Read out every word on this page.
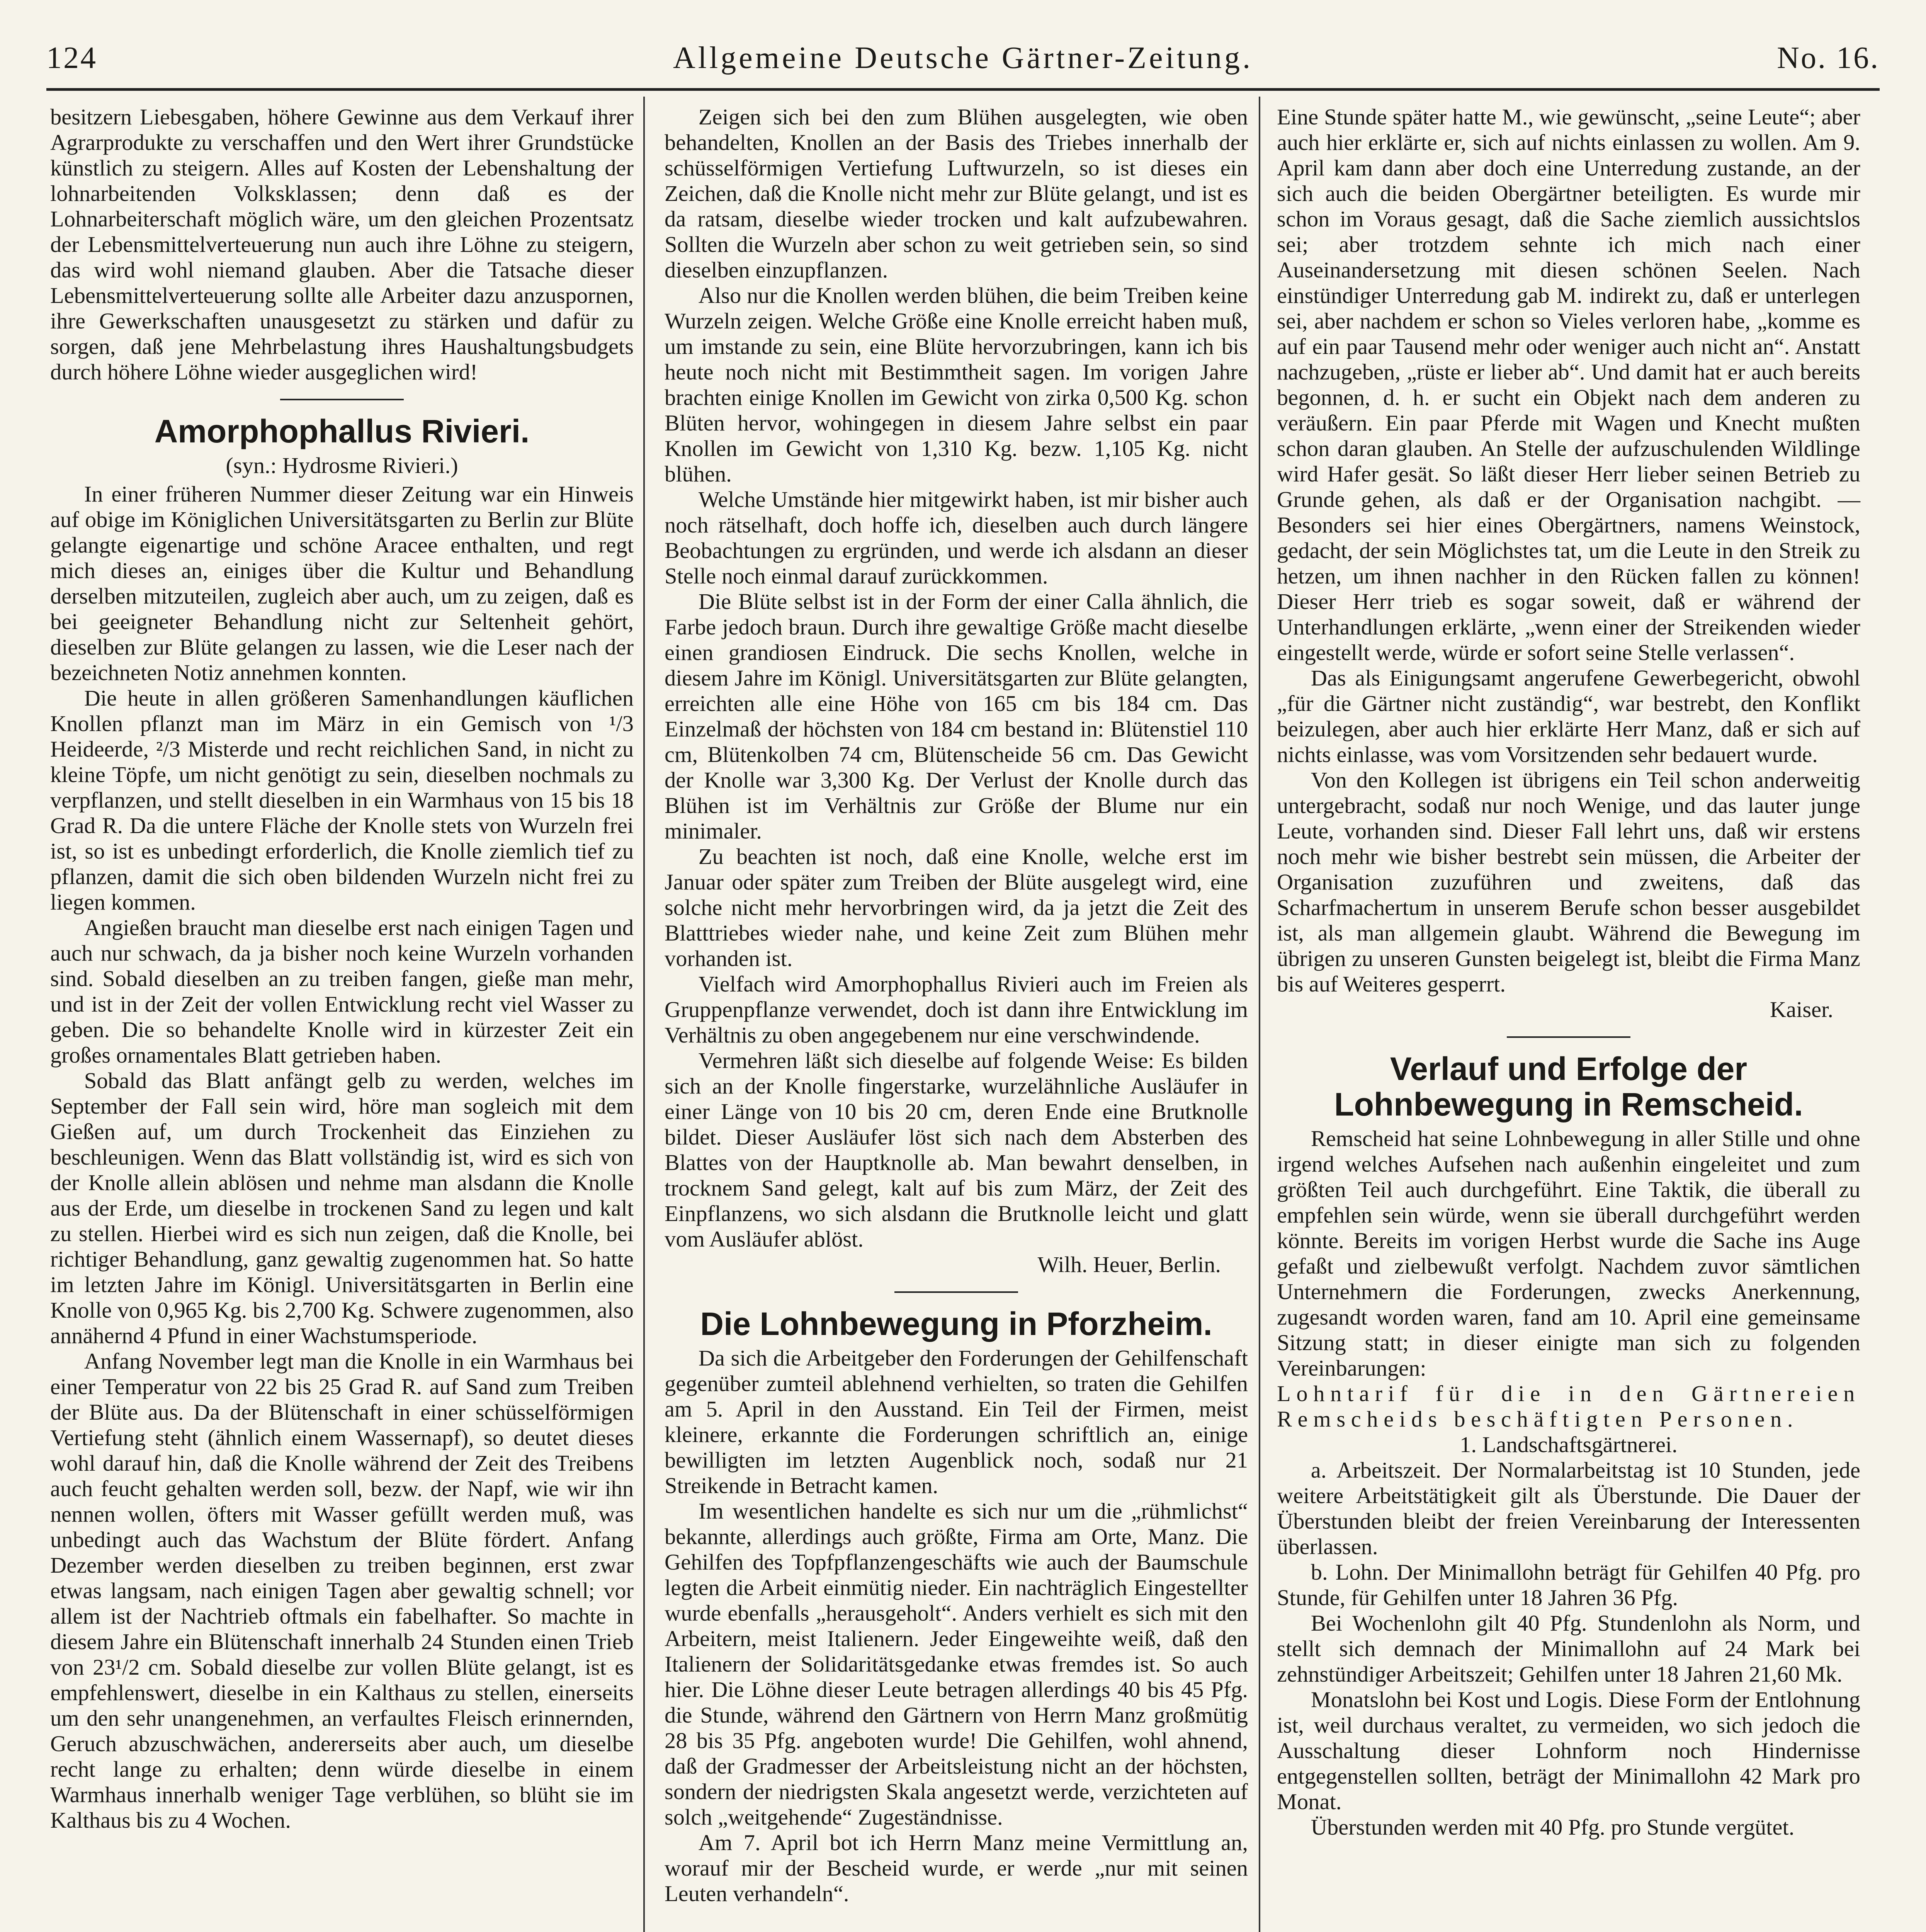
124	Allgemeine Deutsche Gärtner-Zeitung.	No. 16.

besitzern Liebesgaben, höhere Gewinne aus dem Verkauf ihrer Agrarprodukte zu verschaffen und den Wert ihrer Grundstücke künstlich zu steigern. Alles auf Kosten der Lebenshaltung der lohnarbeitenden Volksklassen; denn daß es der Lohnarbeiterschaft möglich wäre, um den gleichen Prozentsatz der Lebensmittelverteuerung nun auch ihre Löhne zu steigern, das wird wohl niemand glauben. Aber die Tatsache dieser Lebensmittelverteuerung sollte alle Arbeiter dazu anzuspornen, ihre Gewerkschaften unausgesetzt zu stärken und dafür zu sorgen, daß jene Mehrbelastung ihres Haushaltungsbudgets durch höhere Löhne wieder ausgeglichen wird!

Amorphophallus Rivieri.
(syn.: Hydrosme Rivieri.)

In einer früheren Nummer dieser Zeitung war ein Hinweis auf obige im Königlichen Universitätsgarten zu Berlin zur Blüte gelangte eigenartige und schöne Aracee enthalten, und regt mich dieses an, einiges über die Kultur und Behandlung derselben mitzuteilen, zugleich aber auch, um zu zeigen, daß es bei geeigneter Behandlung nicht zur Seltenheit gehört, dieselben zur Blüte gelangen zu lassen, wie die Leser nach der bezeichneten Notiz annehmen konnten.

Die heute in allen größeren Samenhandlungen käuflichen Knollen pflanzt man im März in ein Gemisch von ¹/3 Heideerde, ²/3 Misterde und recht reichlichen Sand, in nicht zu kleine Töpfe, um nicht genötigt zu sein, dieselben nochmals zu verpflanzen, und stellt dieselben in ein Warmhaus von 15 bis 18 Grad R. Da die untere Fläche der Knolle stets von Wurzeln frei ist, so ist es unbedingt erforderlich, die Knolle ziemlich tief zu pflanzen, damit die sich oben bildenden Wurzeln nicht frei zu liegen kommen.

Angießen braucht man dieselbe erst nach einigen Tagen und auch nur schwach, da ja bisher noch keine Wurzeln vorhanden sind. Sobald dieselben an zu treiben fangen, gieße man mehr, und ist in der Zeit der vollen Entwicklung recht viel Wasser zu geben. Die so behandelte Knolle wird in kürzester Zeit ein großes ornamentales Blatt getrieben haben.

Sobald das Blatt anfängt gelb zu werden, welches im September der Fall sein wird, höre man sogleich mit dem Gießen auf, um durch Trockenheit das Einziehen zu beschleunigen. Wenn das Blatt vollständig ist, wird es sich von der Knolle allein ablösen und nehme man alsdann die Knolle aus der Erde, um dieselbe in trockenen Sand zu legen und kalt zu stellen. Hierbei wird es sich nun zeigen, daß die Knolle, bei richtiger Behandlung, ganz gewaltig zugenommen hat. So hatte im letzten Jahre im Königl. Universitätsgarten in Berlin eine Knolle von 0,965 Kg. bis 2,700 Kg. Schwere zugenommen, also annähernd 4 Pfund in einer Wachstumsperiode.

Anfang November legt man die Knolle in ein Warmhaus bei einer Temperatur von 22 bis 25 Grad R. auf Sand zum Treiben der Blüte aus. Da der Blütenschaft in einer schüsselförmigen Vertiefung steht (ähnlich einem Wassernapf), so deutet dieses wohl darauf hin, daß die Knolle während der Zeit des Treibens auch feucht gehalten werden soll, bezw. der Napf, wie wir ihn nennen wollen, öfters mit Wasser gefüllt werden muß, was unbedingt auch das Wachstum der Blüte fördert. Anfang Dezember werden dieselben zu treiben beginnen, erst zwar etwas langsam, nach einigen Tagen aber gewaltig schnell; vor allem ist der Nachtrieb oftmals ein fabelhafter. So machte in diesem Jahre ein Blütenschaft innerhalb 24 Stunden einen Trieb von 23¹/2 cm. Sobald dieselbe zur vollen Blüte gelangt, ist es empfehlenswert, dieselbe in ein Kalthaus zu stellen, einerseits um den sehr unangenehmen, an verfaultes Fleisch erinnernden, Geruch abzuschwächen, andererseits aber auch, um dieselbe recht lange zu erhalten; denn würde dieselbe in einem Warmhaus innerhalb weniger Tage verblühen, so blüht sie im Kalthaus bis zu 4 Wochen.

Zeigen sich bei den zum Blühen ausgelegten, wie oben behandelten, Knollen an der Basis des Triebes innerhalb der schüsselförmigen Vertiefung Luftwurzeln, so ist dieses ein Zeichen, daß die Knolle nicht mehr zur Blüte gelangt, und ist es da ratsam, dieselbe wieder trocken und kalt aufzubewahren. Sollten die Wurzeln aber schon zu weit getrieben sein, so sind dieselben einzupflanzen.

Also nur die Knollen werden blühen, die beim Treiben keine Wurzeln zeigen. Welche Größe eine Knolle erreicht haben muß, um imstande zu sein, eine Blüte hervorzubringen, kann ich bis heute noch nicht mit Bestimmtheit sagen. Im vorigen Jahre brachten einige Knollen im Gewicht von zirka 0,500 Kg. schon Blüten hervor, wohingegen in diesem Jahre selbst ein paar Knollen im Gewicht von 1,310 Kg. bezw. 1,105 Kg. nicht blühen.

Welche Umstände hier mitgewirkt haben, ist mir bisher auch noch rätselhaft, doch hoffe ich, dieselben auch durch längere Beobachtungen zu ergründen, und werde ich alsdann an dieser Stelle noch einmal darauf zurückkommen.

Die Blüte selbst ist in der Form der einer Calla ähnlich, die Farbe jedoch braun. Durch ihre gewaltige Größe macht dieselbe einen grandiosen Eindruck. Die sechs Knollen, welche in diesem Jahre im Königl. Universitätsgarten zur Blüte gelangten, erreichten alle eine Höhe von 165 cm bis 184 cm. Das Einzelmaß der höchsten von 184 cm bestand in: Blütenstiel 110 cm, Blütenkolben 74 cm, Blütenscheide 56 cm. Das Gewicht der Knolle war 3,300 Kg. Der Verlust der Knolle durch das Blühen ist im Verhältnis zur Größe der Blume nur ein minimaler.

Zu beachten ist noch, daß eine Knolle, welche erst im Januar oder später zum Treiben der Blüte ausgelegt wird, eine solche nicht mehr hervorbringen wird, da ja jetzt die Zeit des Blatttriebes wieder nahe, und keine Zeit zum Blühen mehr vorhanden ist.

Vielfach wird Amorphophallus Rivieri auch im Freien als Gruppenpflanze verwendet, doch ist dann ihre Entwicklung im Verhältnis zu oben angegebenem nur eine verschwindende.

Vermehren läßt sich dieselbe auf folgende Weise: Es bilden sich an der Knolle fingerstarke, wurzelähnliche Ausläufer in einer Länge von 10 bis 20 cm, deren Ende eine Brutknolle bildet. Dieser Ausläufer löst sich nach dem Absterben des Blattes von der Hauptknolle ab. Man bewahrt denselben, in trocknem Sand gelegt, kalt auf bis zum März, der Zeit des Einpflanzens, wo sich alsdann die Brutknolle leicht und glatt vom Ausläufer ablöst.

Wilh. Heuer, Berlin.
Die Lohnbewegung in Pforzheim.

Da sich die Arbeitgeber den Forderungen der Gehilfenschaft gegenüber zumteil ablehnend verhielten, so traten die Gehilfen am 5. April in den Ausstand. Ein Teil der Firmen, meist kleinere, erkannte die Forderungen schriftlich an, einige bewilligten im letzten Augenblick noch, sodaß nur 21 Streikende in Betracht kamen.

Im wesentlichen handelte es sich nur um die „rühmlichst“ bekannte, allerdings auch größte, Firma am Orte, Manz. Die Gehilfen des Topfpflanzengeschäfts wie auch der Baumschule legten die Arbeit einmütig nieder. Ein nachträglich Eingestellter wurde ebenfalls „herausgeholt“. Anders verhielt es sich mit den Arbeitern, meist Italienern. Jeder Eingeweihte weiß, daß den Italienern der Solidaritätsgedanke etwas fremdes ist. So auch hier. Die Löhne dieser Leute betragen allerdings 40 bis 45 Pfg. die Stunde, während den Gärtnern von Herrn Manz großmütig 28 bis 35 Pfg. angeboten wurde! Die Gehilfen, wohl ahnend, daß der Gradmesser der Arbeitsleistung nicht an der höchsten, sondern der niedrigsten Skala angesetzt werde, verzichteten auf solch „weitgehende“ Zugeständnisse.

Am 7. April bot ich Herrn Manz meine Vermittlung an, worauf mir der Bescheid wurde, er werde „nur mit seinen Leuten verhandeln“.

Eine Stunde später hatte M., wie gewünscht, „seine Leute“; aber auch hier erklärte er, sich auf nichts einlassen zu wollen. Am 9. April kam dann aber doch eine Unterredung zustande, an der sich auch die beiden Obergärtner beteiligten. Es wurde mir schon im Voraus gesagt, daß die Sache ziemlich aussichtslos sei; aber trotzdem sehnte ich mich nach einer Auseinandersetzung mit diesen schönen Seelen. Nach einstündiger Unterredung gab M. indirekt zu, daß er unterlegen sei, aber nachdem er schon so Vieles verloren habe, „komme es auf ein paar Tausend mehr oder weniger auch nicht an“. Anstatt nachzugeben, „rüste er lieber ab“. Und damit hat er auch bereits begonnen, d. h. er sucht ein Objekt nach dem anderen zu veräußern. Ein paar Pferde mit Wagen und Knecht mußten schon daran glauben. An Stelle der aufzuschulenden Wildlinge wird Hafer gesät. So läßt dieser Herr lieber seinen Betrieb zu Grunde gehen, als daß er der Organisation nachgibt. — Besonders sei hier eines Obergärtners, namens Weinstock, gedacht, der sein Möglichstes tat, um die Leute in den Streik zu hetzen, um ihnen nachher in den Rücken fallen zu können! Dieser Herr trieb es sogar soweit, daß er während der Unterhandlungen erklärte, „wenn einer der Streikenden wieder eingestellt werde, würde er sofort seine Stelle verlassen“.

Das als Einigungsamt angerufene Gewerbegericht, obwohl „für die Gärtner nicht zuständig“, war bestrebt, den Konflikt beizulegen, aber auch hier erklärte Herr Manz, daß er sich auf nichts einlasse, was vom Vorsitzenden sehr bedauert wurde.

Von den Kollegen ist übrigens ein Teil schon anderweitig untergebracht, sodaß nur noch Wenige, und das lauter junge Leute, vorhanden sind. Dieser Fall lehrt uns, daß wir erstens noch mehr wie bisher bestrebt sein müssen, die Arbeiter der Organisation zuzuführen und zweitens, daß das Scharfmachertum in unserem Berufe schon besser ausgebildet ist, als man allgemein glaubt. Während die Bewegung im übrigen zu unseren Gunsten beigelegt ist, bleibt die Firma Manz bis auf Weiteres gesperrt.

Kaiser.
Verlauf und Erfolge der Lohnbewegung in Remscheid.

Remscheid hat seine Lohnbewegung in aller Stille und ohne irgend welches Aufsehen nach außenhin eingeleitet und zum größten Teil auch durchgeführt. Eine Taktik, die überall zu empfehlen sein würde, wenn sie überall durchgeführt werden könnte. Bereits im vorigen Herbst wurde die Sache ins Auge gefaßt und zielbewußt verfolgt. Nachdem zuvor sämtlichen Unternehmern die Forderungen, zwecks Anerkennung, zugesandt worden waren, fand am 10. April eine gemeinsame Sitzung statt; in dieser einigte man sich zu folgenden Vereinbarungen:

Lohntarif für die in den Gärtnereien Remscheids beschäftigten Personen.

1. Landschaftsgärtnerei.

a. Arbeitszeit. Der Normalarbeitstag ist 10 Stunden, jede weitere Arbeitstätigkeit gilt als Überstunde. Die Dauer der Überstunden bleibt der freien Vereinbarung der Interessenten überlassen.

b. Lohn. Der Minimallohn beträgt für Gehilfen 40 Pfg. pro Stunde, für Gehilfen unter 18 Jahren 36 Pfg.

Bei Wochenlohn gilt 40 Pfg. Stundenlohn als Norm, und stellt sich demnach der Minimallohn auf 24 Mark bei zehnstündiger Arbeitszeit; Gehilfen unter 18 Jahren 21,60 Mk.

Monatslohn bei Kost und Logis. Diese Form der Entlohnung ist, weil durchaus veraltet, zu vermeiden, wo sich jedoch die Ausschaltung dieser Lohnform noch Hindernisse entgegenstellen sollten, beträgt der Minimallohn 42 Mark pro Monat.

Überstunden werden mit 40 Pfg. pro Stunde vergütet.
